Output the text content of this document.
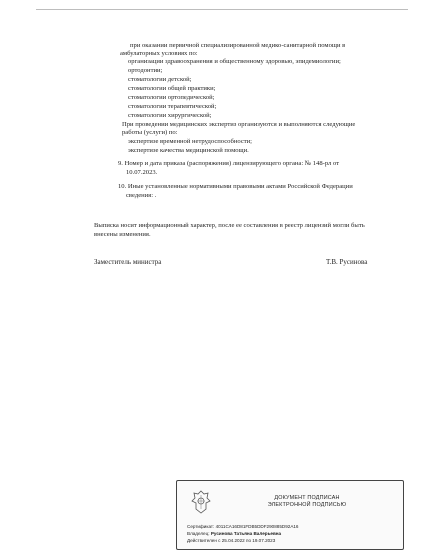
при оказании первичной специализированной медико-санитарной помощи в
амбулаторных условиях по:
организации здравоохранения и общественному здоровью, эпидемиологии;
ортодонтии;
стоматологии детской;
стоматологии общей практики;
стоматологии ортопедической;
стоматологии терапевтической;
стоматологии хирургической;
При проведении медицинских экспертиз организуются и выполняются следующие
работы (услуги) по:
экспертизе временной нетрудоспособности;
экспертизе качества медицинской помощи.
9. Номер и дата приказа (распоряжения) лицензирующего органа: № 148-рл от
10.07.2023.
10. Иные установленные нормативными правовыми актами Российской Федерации
сведения: .
Выписка носит информационный характер, после ее составления в реестр лицензий могли быть
внесены изменения.
Заместитель министра	Т.В. Русинова
ДОКУМЕНТ ПОДПИСАН
ЭЛЕКТРОННОЙ ПОДПИСЬЮ
Сертификат: 4011CA16D81FDB5DDF290885D92A16
Владелец: Русинова Татьяна Валерьевна
Действителен с 25.04.2022 по 19.07.2023
